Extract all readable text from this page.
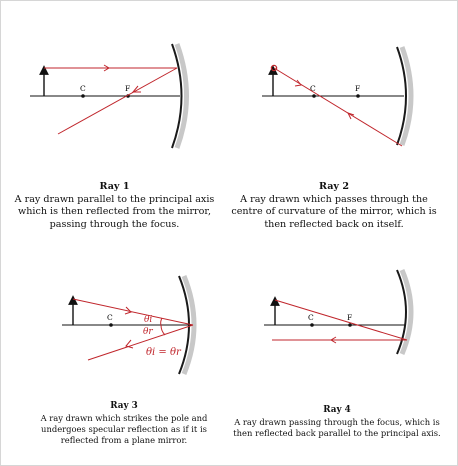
C	F	C	F
C	θi
θr
θi = θr
C	F
Ray 1
A ray drawn parallel to the principal axis which is then reflected from the mirror, passing through the focus.
Ray 2
A ray drawn which passes through the centre of curvature of the mirror, which is then reflected back on itself.
Ray 3
A ray drawn which strikes the pole and undergoes specular reflection as if it is reflected from a plane mirror.
Ray 4
A ray drawn passing through the focus, which is then reflected back parallel to the principal axis.
